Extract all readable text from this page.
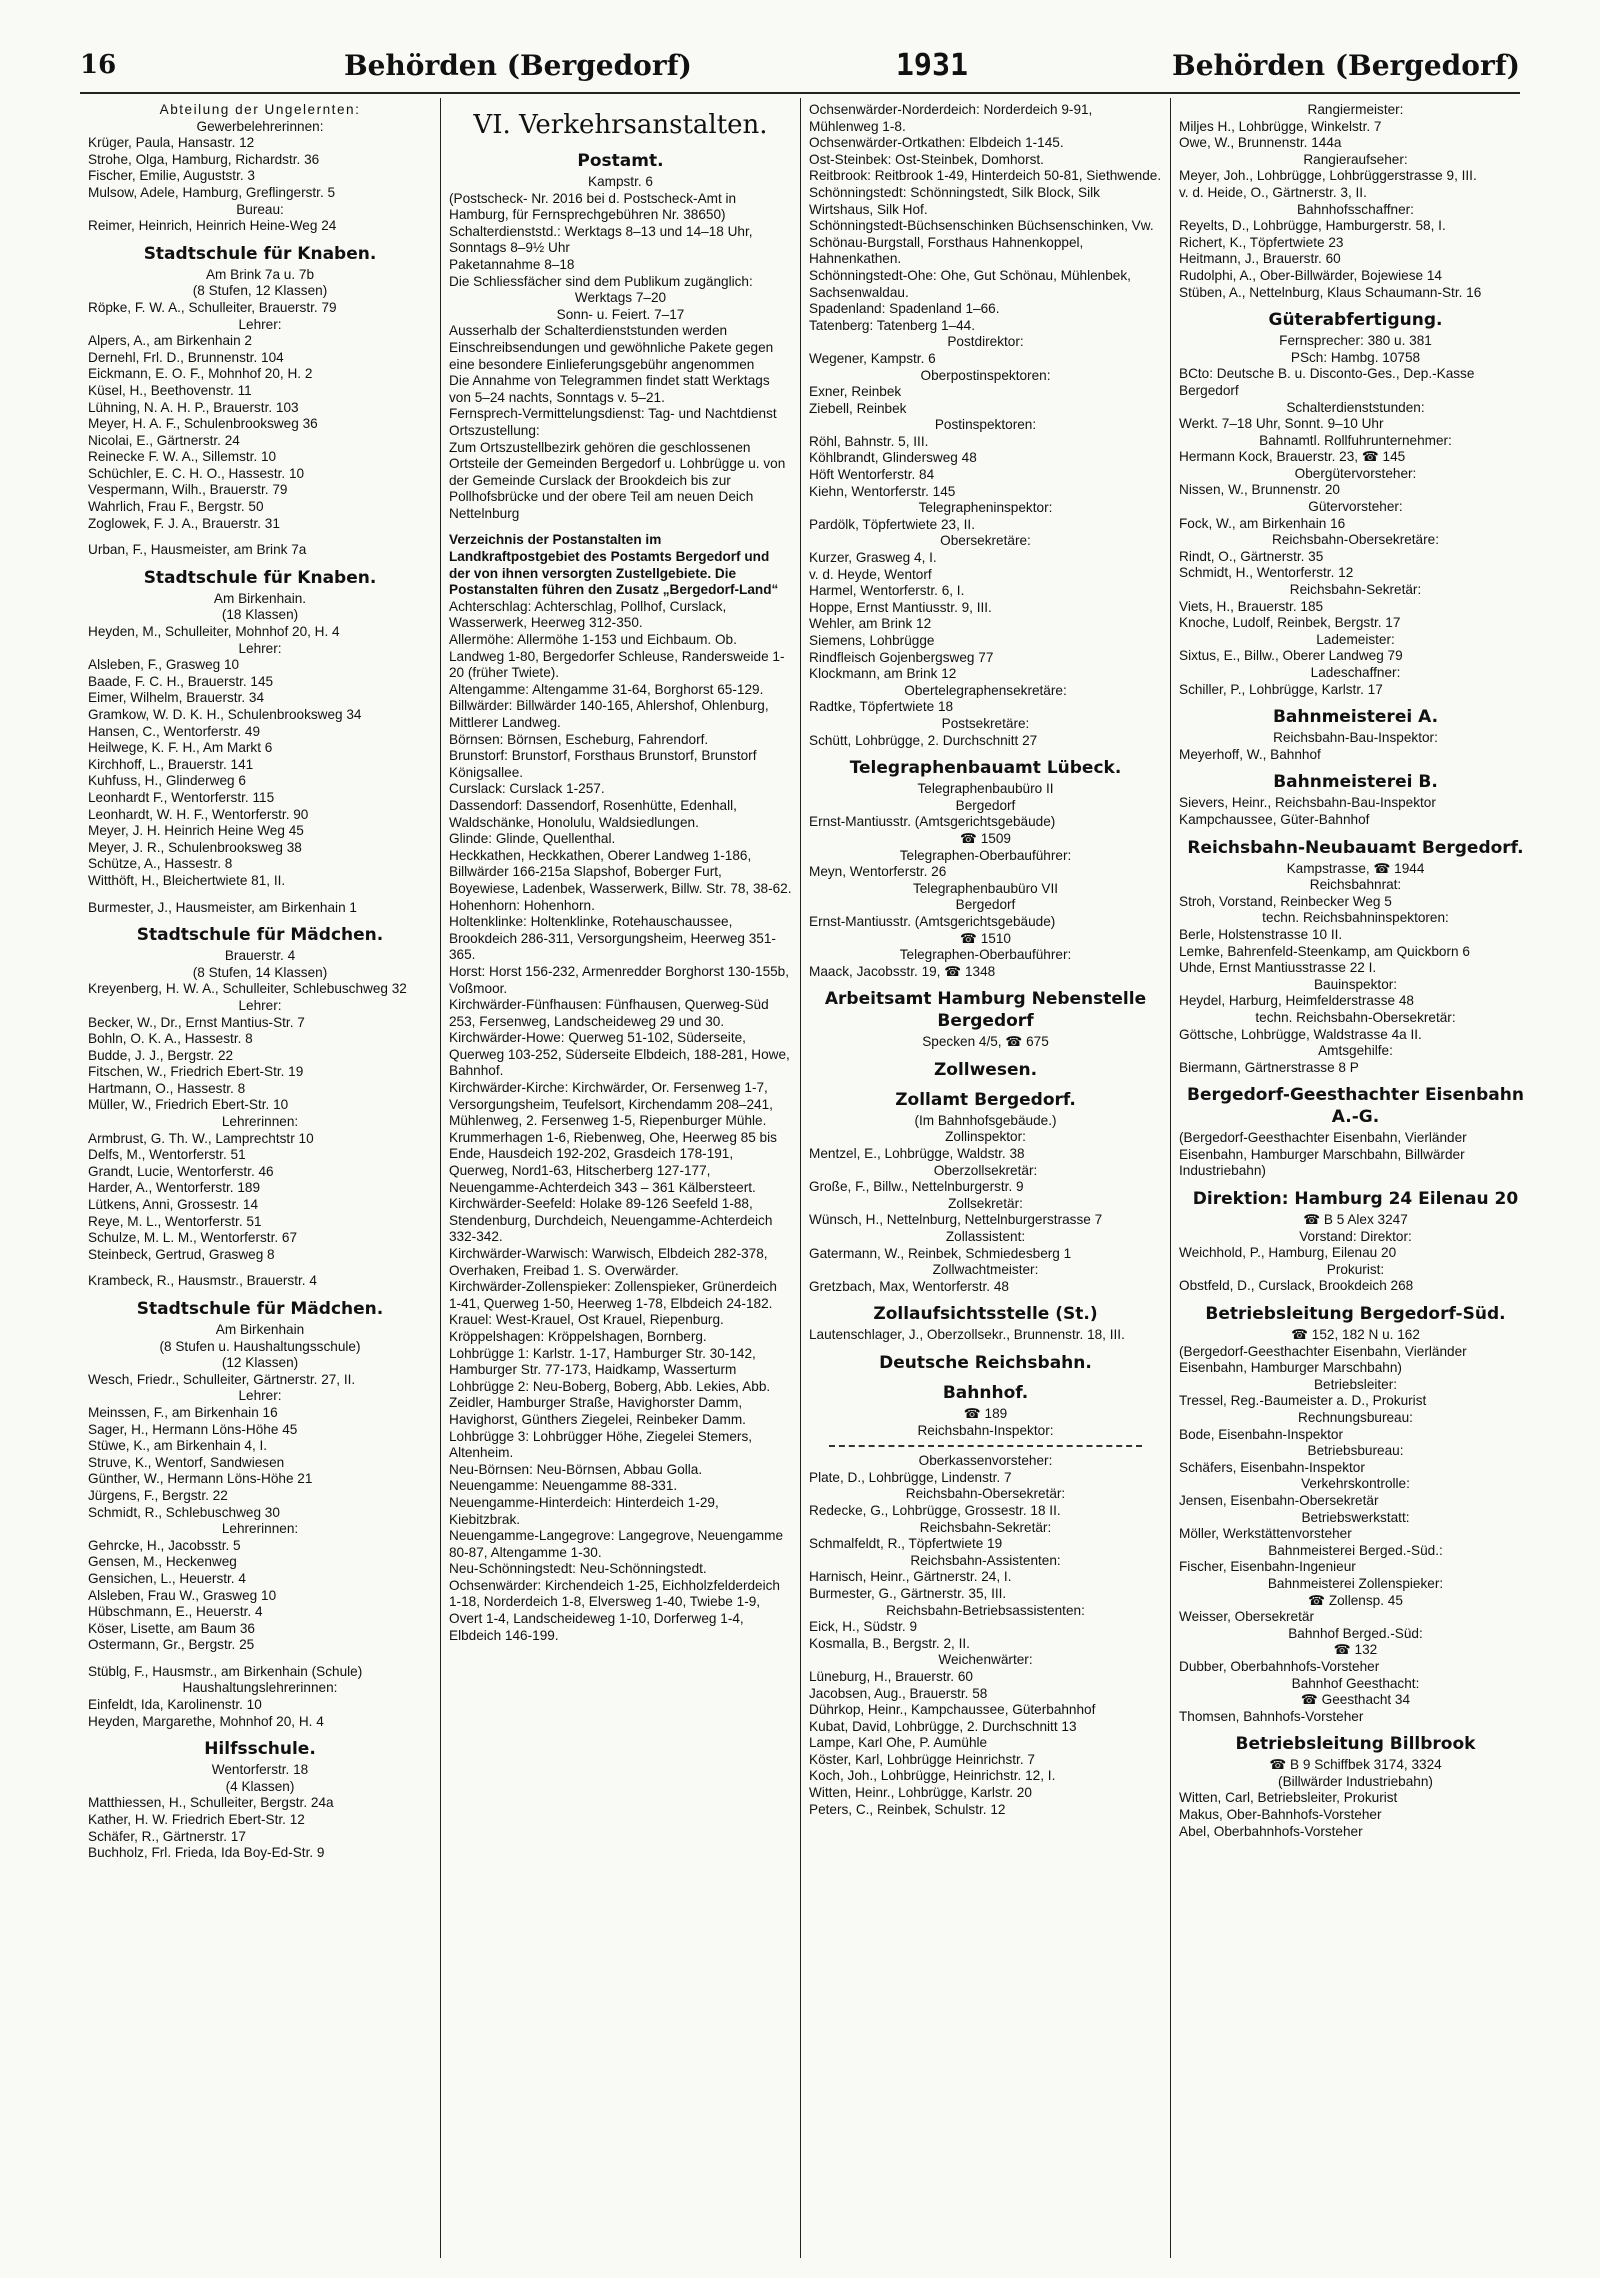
16	Behörden (Bergedorf)	1931	Behörden (Bergedorf)
Abteilung der Ungelernten:
Gewerbelehrerinnen:
Krüger, Paula, Hansastr. 12
Strohe, Olga, Hamburg, Richardstr. 36
Fischer, Emilie, Auguststr. 3
Mulsow, Adele, Hamburg, Greflingerstr. 5
Bureau:
Reimer, Heinrich, Heinrich Heine-Weg 24
Stadtschule für Knaben.
Am Brink 7a u. 7b
(8 Stufen, 12 Klassen)
Röpke, F. W. A., Schulleiter, Brauerstr. 79
Lehrer:
Alpers, A., am Birkenhain 2
Dernehl, Frl. D., Brunnenstr. 104
Eickmann, E. O. F., Mohnhof 20, H. 2
Küsel, H., Beethovenstr. 11
Lühning, N. A. H. P., Brauerstr. 103
Meyer, H. A. F., Schulenbrooksweg 36
Nicolai, E., Gärtnerstr. 24
Reinecke F. W. A., Sillemstr. 10
Schüchler, E. C. H. O., Hassestr. 10
Vespermann, Wilh., Brauerstr. 79
Wahrlich, Frau F., Bergstr. 50
Zoglowek, F. J. A., Brauerstr. 31
Urban, F., Hausmeister, am Brink 7a
Stadtschule für Knaben.
Am Birkenhain.
(18 Klassen)
Heyden, M., Schulleiter, Mohnhof 20, H. 4
Lehrer:
Alsleben, F., Grasweg 10
Baade, F. C. H., Brauerstr. 145
Eimer, Wilhelm, Brauerstr. 34
Gramkow, W. D. K. H., Schulenbrooksweg 34
Hansen, C., Wentorferstr. 49
Heilwege, K. F. H., Am Markt 6
Kirchhoff, L., Brauerstr. 141
Kuhfuss, H., Glinderweg 6
Leonhardt F., Wentorferstr. 115
Leonhardt, W. H. F., Wentorferstr. 90
Meyer, J. H. Heinrich Heine Weg 45
Meyer, J. R., Schulenbrooksweg 38
Schütze, A., Hassestr. 8
Witthöft, H., Bleichertwiete 81, II.
Burmester, J., Hausmeister, am Birkenhain 1
Stadtschule für Mädchen.
Brauerstr. 4
(8 Stufen, 14 Klassen)
Kreyenberg, H. W. A., Schulleiter, Schlebuschweg 32
Lehrer:
Becker, W., Dr., Ernst Mantius-Str. 7
Bohln, O. K. A., Hassestr. 8
Budde, J. J., Bergstr. 22
Fitschen, W., Friedrich Ebert-Str. 19
Hartmann, O., Hassestr. 8
Müller, W., Friedrich Ebert-Str. 10
Lehrerinnen:
Armbrust, G. Th. W., Lamprechtstr 10
Delfs, M., Wentorferstr. 51
Grandt, Lucie, Wentorferstr. 46
Harder, A., Wentorferstr. 189
Lütkens, Anni, Grossestr. 14
Reye, M. L., Wentorferstr. 51
Schulze, M. L. M., Wentorferstr. 67
Steinbeck, Gertrud, Grasweg 8
Krambeck, R., Hausmstr., Brauerstr. 4
Stadtschule für Mädchen.
Am Birkenhain
(8 Stufen u. Haushaltungsschule)
(12 Klassen)
Wesch, Friedr., Schulleiter, Gärtnerstr. 27, II.
Lehrer:
Meinssen, F., am Birkenhain 16
Sager, H., Hermann Löns-Höhe 45
Stüwe, K., am Birkenhain 4, I.
Struve, K., Wentorf, Sandwiesen
Günther, W., Hermann Löns-Höhe 21
Jürgens, F., Bergstr. 22
Schmidt, R., Schlebuschweg 30
Lehrerinnen:
Gehrcke, H., Jacobsstr. 5
Gensen, M., Heckenweg
Gensichen, L., Heuerstr. 4
Alsleben, Frau W., Grasweg 10
Hübschmann, E., Heuerstr. 4
Köser, Lisette, am Baum 36
Ostermann, Gr., Bergstr. 25
Stüblg, F., Hausmstr., am Birkenhain (Schule)
Haushaltungslehrerinnen:
Einfeldt, Ida, Karolinenstr. 10
Heyden, Margarethe, Mohnhof 20, H. 4
Hilfsschule.
Wentorferstr. 18
(4 Klassen)
Matthiessen, H., Schulleiter, Bergstr. 24a
Kather, H. W. Friedrich Ebert-Str. 12
Schäfer, R., Gärtnerstr. 17
Buchholz, Frl. Frieda, Ida Boy-Ed-Str. 9
VI. Verkehrsanstalten.
Postamt.
Kampstr. 6
(Postscheck- Nr. 2016 bei d. Postscheck-Amt in Hamburg, für Fernsprechgebühren Nr. 38650)
Schalterdienststd.: Werktags 8–13 und 14–18 Uhr, Sonntags 8–9½ Uhr
Paketannahme 8–18
Die Schliessfächer sind dem Publikum zugänglich:
Werktags 7–20
Sonn- u. Feiert. 7–17
Ausserhalb der Schalterdienststunden werden Einschreibsendungen und gewöhnliche Pakete gegen eine besondere Einlieferungsgebühr angenommen
Die Annahme von Telegrammen findet statt Werktags von 5–24 nachts, Sonntags v. 5–21.
Fernsprech-Vermittelungsdienst: Tag- und Nachtdienst
Ortszustellung:
Zum Ortszustellbezirk gehören die geschlossenen Ortsteile der Gemeinden Bergedorf u. Lohbrügge u. von der Gemeinde Curslack der Brookdeich bis zur Pollhofsbrücke und der obere Teil am neuen Deich Nettelnburg
Verzeichnis der Postanstalten im Landkraftpostgebiet des Postamts Bergedorf und der von ihnen versorgten Zustellgebiete. Die Postanstalten führen den Zusatz „Bergedorf-Land“
Achterschlag: Achterschlag, Pollhof, Curslack, Wasserwerk, Heerweg 312-350.
Allermöhe: Allermöhe 1-153 und Eichbaum. Ob. Landweg 1-80, Bergedorfer Schleuse, Randersweide 1-20 (früher Twiete).
Altengamme: Altengamme 31-64, Borghorst 65-129.
Billwärder: Billwärder 140-165, Ahlershof, Ohlenburg, Mittlerer Landweg.
Börnsen: Börnsen, Escheburg, Fahrendorf.
Brunstorf: Brunstorf, Forsthaus Brunstorf, Brunstorf Königsallee.
Curslack: Curslack 1-257.
Dassendorf: Dassendorf, Rosenhütte, Edenhall, Waldschänke, Honolulu, Waldsiedlungen.
Glinde: Glinde, Quellenthal.
Heckkathen, Heckkathen, Oberer Landweg 1-186, Billwärder 166-215a Slapshof, Boberger Furt, Boyewiese, Ladenbek, Wasserwerk, Billw. Str. 78, 38-62.
Hohenhorn: Hohenhorn.
Holtenklinke: Holtenklinke, Rotehauschaussee, Brookdeich 286-311, Versorgungsheim, Heerweg 351-365.
Horst: Horst 156-232, Armenredder Borghorst 130-155b, Voßmoor.
Kirchwärder-Fünfhausen: Fünfhausen, Querweg-Süd 253, Fersenweg, Landscheideweg 29 und 30.
Kirchwärder-Howe: Querweg 51-102, Süderseite, Querweg 103-252, Süderseite Elbdeich, 188-281, Howe, Bahnhof.
Kirchwärder-Kirche: Kirchwärder, Or. Fersenweg 1-7, Versorgungsheim, Teufelsort, Kirchendamm 208–241, Mühlenweg, 2. Fersenweg 1-5, Riepenburger Mühle. Krummerhagen 1-6, Riebenweg, Ohe, Heerweg 85 bis Ende, Hausdeich 192-202, Grasdeich 178-191, Querweg, Nord1-63, Hitscherberg 127-177, Neuengamme-Achterdeich 343 – 361 Kälbersteert.
Kirchwärder-Seefeld: Holake 89-126 Seefeld 1-88, Stendenburg, Durchdeich, Neuengamme-Achterdeich 332-342.
Kirchwärder-Warwisch: Warwisch, Elbdeich 282-378, Overhaken, Freibad 1. S. Overwärder.
Kirchwärder-Zollenspieker: Zollenspieker, Grünerdeich 1-41, Querweg 1-50, Heerweg 1-78, Elbdeich 24-182.
Krauel: West-Krauel, Ost Krauel, Riepenburg.
Kröppelshagen: Kröppelshagen, Bornberg.
Lohbrügge 1: Karlstr. 1-17, Hamburger Str. 30-142, Hamburger Str. 77-173, Haidkamp, Wasserturm
Lohbrügge 2: Neu-Boberg, Boberg, Abb. Lekies, Abb. Zeidler, Hamburger Straße, Havighorster Damm, Havighorst, Günthers Ziegelei, Reinbeker Damm.
Lohbrügge 3: Lohbrügger Höhe, Ziegelei Stemers, Altenheim.
Neu-Börnsen: Neu-Börnsen, Abbau Golla.
Neuengamme: Neuengamme 88-331.
Neuengamme-Hinterdeich: Hinterdeich 1-29, Kiebitzbrak.
Neuengamme-Langegrove: Langegrove, Neuengamme 80-87, Altengamme 1-30.
Neu-Schönningstedt: Neu-Schönningstedt.
Ochsenwärder: Kirchendeich 1-25, Eichholzfelderdeich 1-18, Norderdeich 1-8, Elversweg 1-40, Twiebe 1-9, Overt 1-4, Landscheideweg 1-10, Dorferweg 1-4, Elbdeich 146-199.
Ochsenwärder-Norderdeich: Norderdeich 9-91, Mühlenweg 1-8.
Ochsenwärder-Ortkathen: Elbdeich 1-145.
Ost-Steinbek: Ost-Steinbek, Domhorst.
Reitbrook: Reitbrook 1-49, Hinterdeich 50-81, Siethwende.
Schönningstedt: Schönningstedt, Silk Block, Silk Wirtshaus, Silk Hof.
Schönningstedt-Büchsenschinken Büchsenschinken, Vw. Schönau-Burgstall, Forsthaus Hahnenkoppel, Hahnenkathen.
Schönningstedt-Ohe: Ohe, Gut Schönau, Mühlenbek, Sachsenwaldau.
Spadenland: Spadenland 1–66.
Tatenberg: Tatenberg 1–44.
Postdirektor:
Wegener, Kampstr. 6
Oberpostinspektoren:
Exner, Reinbek
Ziebell, Reinbek
Postinspektoren:
Röhl, Bahnstr. 5, III.
Köhlbrandt, Glindersweg 48
Höft Wentorferstr. 84
Kiehn, Wentorferstr. 145
Telegrapheninspektor:
Pardölk, Töpfertwiete 23, II.
Obersekretäre:
Kurzer, Grasweg 4, I.
v. d. Heyde, Wentorf
Harmel, Wentorferstr. 6, I.
Hoppe, Ernst Mantiusstr. 9, III.
Wehler, am Brink 12
Siemens, Lohbrügge
Rindfleisch Gojenbergsweg 77
Klockmann, am Brink 12
Obertelegraphensekretäre:
Radtke, Töpfertwiete 18
Postsekretäre:
Schütt, Lohbrügge, 2. Durchschnitt 27
Telegraphenbauamt Lübeck.
Telegraphenbaubüro II
Bergedorf
Ernst-Mantiusstr. (Amtsgerichtsgebäude)
☎ 1509
Telegraphen-Oberbauführer:
Meyn, Wentorferstr. 26
Telegraphenbaubüro VII
Bergedorf
Ernst-Mantiusstr. (Amtsgerichtsgebäude)
☎ 1510
Telegraphen-Oberbauführer:
Maack, Jacobsstr. 19, ☎ 1348
Arbeitsamt Hamburg Nebenstelle Bergedorf
Specken 4/5, ☎ 675
Zollwesen.
Zollamt Bergedorf.
(Im Bahnhofsgebäude.)
Zollinspektor:
Mentzel, E., Lohbrügge, Waldstr. 38
Oberzollsekretär:
Große, F., Billw., Nettelnburgerstr. 9
Zollsekretär:
Wünsch, H., Nettelnburg, Nettelnburgerstrasse 7
Zollassistent:
Gatermann, W., Reinbek, Schmiedesberg 1
Zollwachtmeister:
Gretzbach, Max, Wentorferstr. 48
Zollaufsichtsstelle (St.)
Lautenschlager, J., Oberzollsekr., Brunnenstr. 18, III.
Deutsche Reichsbahn.
Bahnhof.
☎ 189
Reichsbahn-Inspektor:
Oberkassenvorsteher:
Plate, D., Lohbrügge, Lindenstr. 7
Reichsbahn-Obersekretär:
Redecke, G., Lohbrügge, Grossestr. 18 II.
Reichsbahn-Sekretär:
Schmalfeldt, R., Töpfertwiete 19
Reichsbahn-Assistenten:
Harnisch, Heinr., Gärtnerstr. 24, I.
Burmester, G., Gärtnerstr. 35, III.
Reichsbahn-Betriebsassistenten:
Eick, H., Südstr. 9
Kosmalla, B., Bergstr. 2, II.
Weichenwärter:
Lüneburg, H., Brauerstr. 60
Jacobsen, Aug., Brauerstr. 58
Dührkop, Heinr., Kampchaussee, Güterbahnhof
Kubat, David, Lohbrügge, 2. Durchschnitt 13
Lampe, Karl Ohe, P. Aumühle
Köster, Karl, Lohbrügge Heinrichstr. 7
Koch, Joh., Lohbrügge, Heinrichstr. 12, I.
Witten, Heinr., Lohbrügge, Karlstr. 20
Peters, C., Reinbek, Schulstr. 12
Rangiermeister:
Miljes H., Lohbrügge, Winkelstr. 7
Owe, W., Brunnenstr. 144a
Rangieraufseher:
Meyer, Joh., Lohbrügge, Lohbrüggerstrasse 9, III.
v. d. Heide, O., Gärtnerstr. 3, II.
Bahnhofsschaffner:
Reyelts, D., Lohbrügge, Hamburgerstr. 58, I.
Richert, K., Töpfertwiete 23
Heitmann, J., Brauerstr. 60
Rudolphi, A., Ober-Billwärder, Bojewiese 14
Stüben, A., Nettelnburg, Klaus Schaumann-Str. 16
Güterabfertigung.
Fernsprecher: 380 u. 381
PSch: Hambg. 10758
BCto: Deutsche B. u. Disconto-Ges., Dep.-Kasse Bergedorf
Schalterdienststunden:
Werkt. 7–18 Uhr, Sonnt. 9–10 Uhr
Bahnamtl. Rollfuhrunternehmer:
Hermann Kock, Brauerstr. 23, ☎ 145
Obergütervorsteher:
Nissen, W., Brunnenstr. 20
Gütervorsteher:
Fock, W., am Birkenhain 16
Reichsbahn-Obersekretäre:
Rindt, O., Gärtnerstr. 35
Schmidt, H., Wentorferstr. 12
Reichsbahn-Sekretär:
Viets, H., Brauerstr. 185
Knoche, Ludolf, Reinbek, Bergstr. 17
Lademeister:
Sixtus, E., Billw., Oberer Landweg 79
Ladeschaffner:
Schiller, P., Lohbrügge, Karlstr. 17
Bahnmeisterei A.
Reichsbahn-Bau-Inspektor:
Meyerhoff, W., Bahnhof
Bahnmeisterei B.
Sievers, Heinr., Reichsbahn-Bau-Inspektor Kampchaussee, Güter-Bahnhof
Reichsbahn-Neubauamt Bergedorf.
Kampstrasse, ☎ 1944
Reichsbahnrat:
Stroh, Vorstand, Reinbecker Weg 5
techn. Reichsbahninspektoren:
Berle, Holstenstrasse 10 II.
Lemke, Bahrenfeld-Steenkamp, am Quickborn 6
Uhde, Ernst Mantiusstrasse 22 I.
Bauinspektor:
Heydel, Harburg, Heimfelderstrasse 48
techn. Reichsbahn-Obersekretär:
Göttsche, Lohbrügge, Waldstrasse 4a II.
Amtsgehilfe:
Biermann, Gärtnerstrasse 8 P
Bergedorf-Geesthachter Eisenbahn A.-G.
(Bergedorf-Geesthachter Eisenbahn, Vierländer Eisenbahn, Hamburger Marschbahn, Billwärder Industriebahn)
Direktion: Hamburg 24 Eilenau 20
☎ B 5 Alex 3247
Vorstand: Direktor:
Weichhold, P., Hamburg, Eilenau 20
Prokurist:
Obstfeld, D., Curslack, Brookdeich 268
Betriebsleitung Bergedorf-Süd.
☎ 152, 182 N u. 162
(Bergedorf-Geesthachter Eisenbahn, Vierländer Eisenbahn, Hamburger Marschbahn)
Betriebsleiter:
Tressel, Reg.-Baumeister a. D., Prokurist
Rechnungsbureau:
Bode, Eisenbahn-Inspektor
Betriebsbureau:
Schäfers, Eisenbahn-Inspektor
Verkehrskontrolle:
Jensen, Eisenbahn-Obersekretär
Betriebswerkstatt:
Möller, Werkstättenvorsteher
Bahnmeisterei Berged.-Süd.:
Fischer, Eisenbahn-Ingenieur
Bahnmeisterei Zollenspieker:
☎ Zollensp. 45
Weisser, Obersekretär
Bahnhof Berged.-Süd:
☎ 132
Dubber, Oberbahnhofs-Vorsteher
Bahnhof Geesthacht:
☎ Geesthacht 34
Thomsen, Bahnhofs-Vorsteher
Betriebsleitung Billbrook
☎ B 9 Schiffbek 3174, 3324
(Billwärder Industriebahn)
Witten, Carl, Betriebsleiter, Prokurist
Makus, Ober-Bahnhofs-Vorsteher
Abel, Oberbahnhofs-Vorsteher
